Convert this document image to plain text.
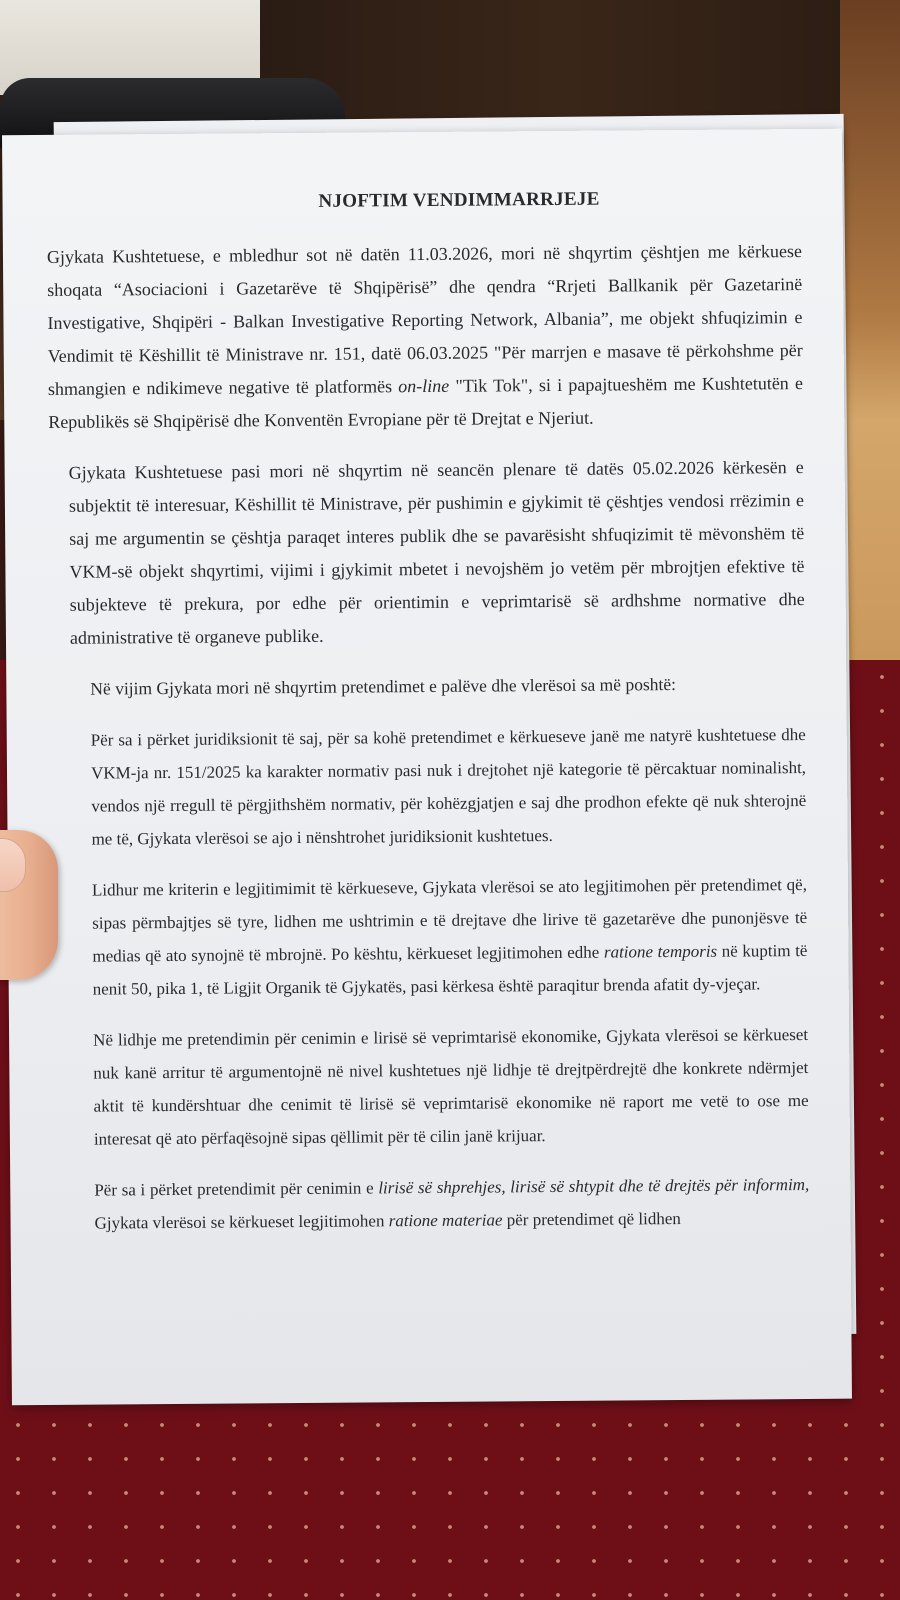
NJOFTIM VENDIMMARRJEJE

Gjykata Kushtetuese, e mbledhur sot në datën 11.03.2026, mori në shqyrtim çështjen me kërkuese shoqata “Asociacioni i Gazetarëve të Shqipërisë” dhe qendra “Rrjeti Ballkanik për Gazetarinë Investigative, Shqipëri - Balkan Investigative Reporting Network, Albania”, me objekt shfuqizimin e Vendimit të Këshillit të Ministrave nr. 151, datë 06.03.2025 "Për marrjen e masave të përkohshme për shmangien e ndikimeve negative të platformës on-line "Tik Tok", si i papajtueshëm me Kushtetutën e Republikës së Shqipërisë dhe Konventën Evropiane për të Drejtat e Njeriut.

Gjykata Kushtetuese pasi mori në shqyrtim në seancën plenare të datës 05.02.2026 kërkesën e subjektit të interesuar, Këshillit të Ministrave, për pushimin e gjykimit të çështjes vendosi rrëzimin e saj me argumentin se çështja paraqet interes publik dhe se pavarësisht shfuqizimit të mëvonshëm të VKM-së objekt shqyrtimi, vijimi i gjykimit mbetet i nevojshëm jo vetëm për mbrojtjen efektive të subjekteve të prekura, por edhe për orientimin e veprimtarisë së ardhshme normative dhe administrative të organeve publike.

Në vijim Gjykata mori në shqyrtim pretendimet e palëve dhe vlerësoi sa më poshtë:

Për sa i përket juridiksionit të saj, për sa kohë pretendimet e kërkueseve janë me natyrë kushtetuese dhe VKM-ja nr. 151/2025 ka karakter normativ pasi nuk i drejtohet një kategorie të përcaktuar nominalisht, vendos një rregull të përgjithshëm normativ, për kohëzgjatjen e saj dhe prodhon efekte që nuk shterojnë me të, Gjykata vlerësoi se ajo i nënshtrohet juridiksionit kushtetues.

Lidhur me kriterin e legjitimimit të kërkueseve, Gjykata vlerësoi se ato legjitimohen për pretendimet që, sipas përmbajtjes së tyre, lidhen me ushtrimin e të drejtave dhe lirive të gazetarëve dhe punonjësve të medias që ato synojnë të mbrojnë. Po kështu, kërkueset legjitimohen edhe ratione temporis në kuptim të nenit 50, pika 1, të Ligjit Organik të Gjykatës, pasi kërkesa është paraqitur brenda afatit dy-vjeçar.

Në lidhje me pretendimin për cenimin e lirisë së veprimtarisë ekonomike, Gjykata vlerësoi se kërkueset nuk kanë arritur të argumentojnë në nivel kushtetues një lidhje të drejtpërdrejtë dhe konkrete ndërmjet aktit të kundërshtuar dhe cenimit të lirisë së veprimtarisë ekonomike në raport me vetë to ose me interesat që ato përfaqësojnë sipas qëllimit për të cilin janë krijuar.

Për sa i përket pretendimit për cenimin e lirisë së shprehjes, lirisë së shtypit dhe të drejtës për informim, Gjykata vlerësoi se kërkueset legjitimohen ratione materiae për pretendimet që lidhen
